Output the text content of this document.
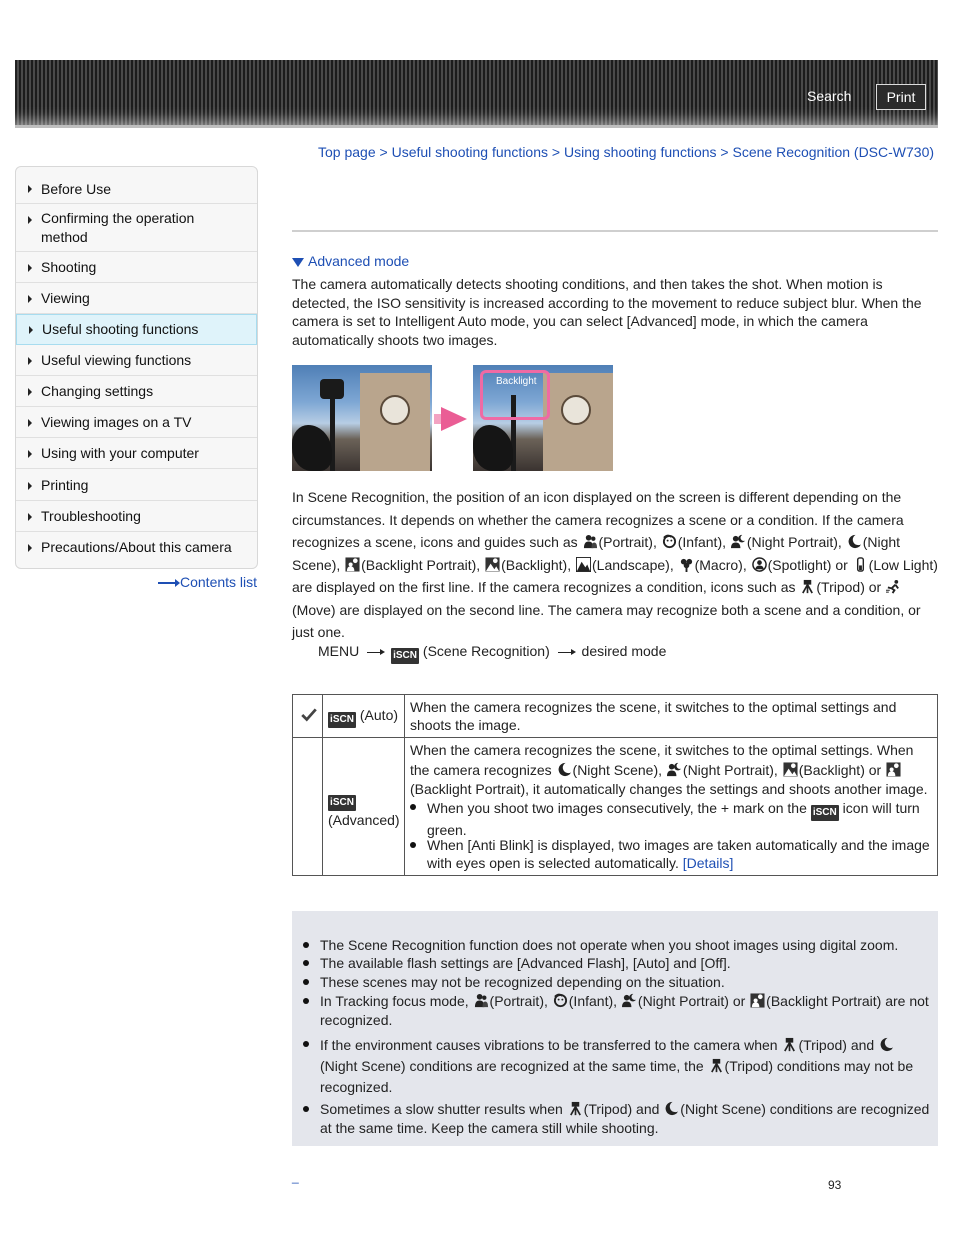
Search	Print
Top page > Useful shooting functions > Using shooting functions > Scene Recognition (DSC-W730)
Before Use
Confirming the operation method
Shooting
Viewing
Useful shooting functions
Useful viewing functions
Changing settings
Viewing images on a TV
Using with your computer
Printing
Troubleshooting
Precautions/About this camera
Contents list
Advanced mode
The camera automatically detects shooting conditions, and then takes the shot. When motion is detected, the ISO sensitivity is increased according to the movement to reduce subject blur. When the camera is set to Intelligent Auto mode, you can select [Advanced] mode, in which the camera automatically shoots two images.
Backlight
In Scene Recognition, the position of an icon displayed on the screen is different depending on the circumstances. It depends on whether the camera recognizes a scene or a condition. If the camera recognizes a scene, icons and guides such as (Portrait), (Infant), (Night Portrait), (Night Scene), (Backlight Portrait), (Backlight), (Landscape), (Macro), (Spotlight) or (Low Light) are displayed on the first line. If the camera recognizes a condition, icons such as (Tripod) or
(Move) are displayed on the second line. The camera may recognize both a scene and a condition, or just one.
MENU	iSCN (Scene Recognition) desired mode
iSCN (Auto) When the camera recognizes the scene, it switches to the optimal settings and shoots the image.
iSCN
(Advanced)
When the camera recognizes the scene, it switches to the optimal settings. When the camera recognizes (Night Scene), (Night Portrait), (Backlight) or
(Backlight Portrait), it automatically changes the settings and shoots another image.
When you shoot two images consecutively, the + mark on the iSCN icon will turn green.
When [Anti Blink] is displayed, two images are taken automatically and the image with eyes open is selected automatically. [Details]
The Scene Recognition function does not operate when you shoot images using digital zoom.
The available flash settings are [Advanced Flash], [Auto] and [Off].
These scenes may not be recognized depending on the situation.
In Tracking focus mode, (Portrait), (Infant), (Night Portrait) or (Backlight Portrait) are not recognized.
If the environment causes vibrations to be transferred to the camera when (Tripod) and
(Night Scene) conditions are recognized at the same time, the (Tripod) conditions may not be recognized.
Sometimes a slow shutter results when (Tripod) and (Night Scene) conditions are recognized at the same time. Keep the camera still while shooting.
_
93
